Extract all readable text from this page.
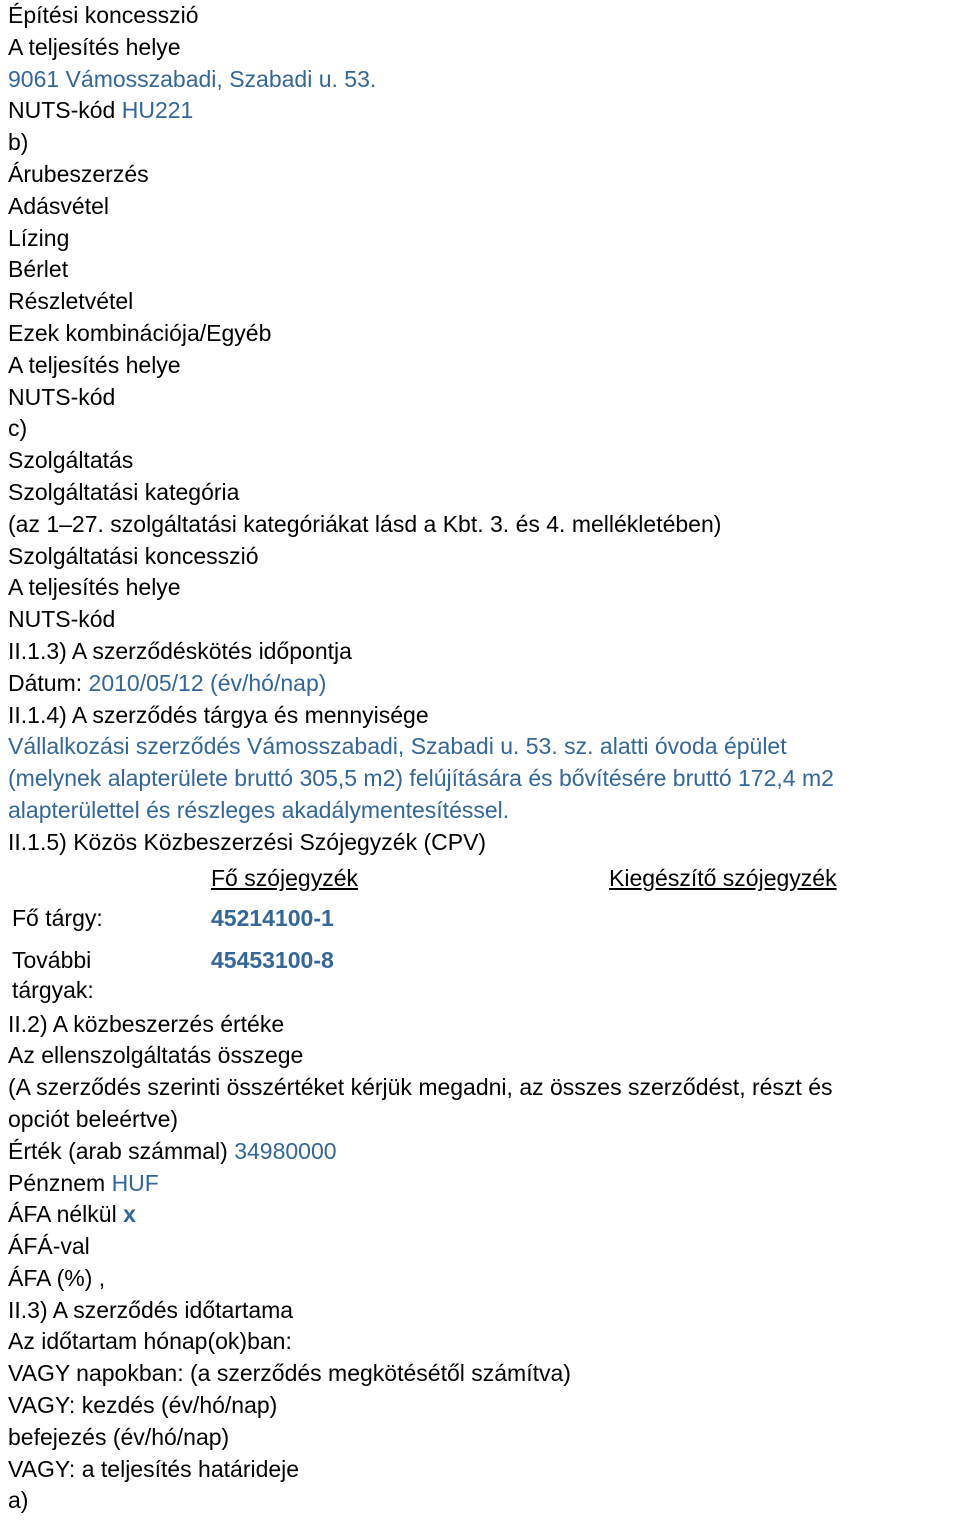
Építési koncesszió
A teljesítés helye
9061 Vámosszabadi, Szabadi u. 53.
NUTS-kód HU221
b)
Árubeszerzés
Adásvétel
Lízing
Bérlet
Részletvétel
Ezek kombinációja/Egyéb
A teljesítés helye
NUTS-kód
c)
Szolgáltatás
Szolgáltatási kategória
(az 1–27. szolgáltatási kategóriákat lásd a Kbt. 3. és 4. mellékletében)
Szolgáltatási koncesszió
A teljesítés helye
NUTS-kód
II.1.3) A szerződéskötés időpontja
Dátum: 2010/05/12 (év/hó/nap)
II.1.4) A szerződés tárgya és mennyisége
Vállalkozási szerződés Vámosszabadi, Szabadi u. 53. sz. alatti óvoda épület
(melynek alapterülete bruttó 305,5 m2) felújítására és bővítésére bruttó 172,4 m2
alapterülettel és részleges akadálymentesítéssel.
II.1.5) Közös Közbeszerzési Szójegyzék (CPV)
Fő szójegyzék	Kiegészítő szójegyzék
Fő tárgy:	45214100-1
További
tárgyak:
45453100-8
II.2) A közbeszerzés értéke
Az ellenszolgáltatás összege
(A szerződés szerinti összértéket kérjük megadni, az összes szerződést, részt és
opciót beleértve)
Érték (arab számmal) 34980000
Pénznem HUF
ÁFA nélkül x
ÁFÁ-val
ÁFA (%) ,
II.3) A szerződés időtartama
Az időtartam hónap(ok)ban:
VAGY napokban: (a szerződés megkötésétől számítva)
VAGY: kezdés (év/hó/nap)
befejezés (év/hó/nap)
VAGY: a teljesítés határideje
a)
